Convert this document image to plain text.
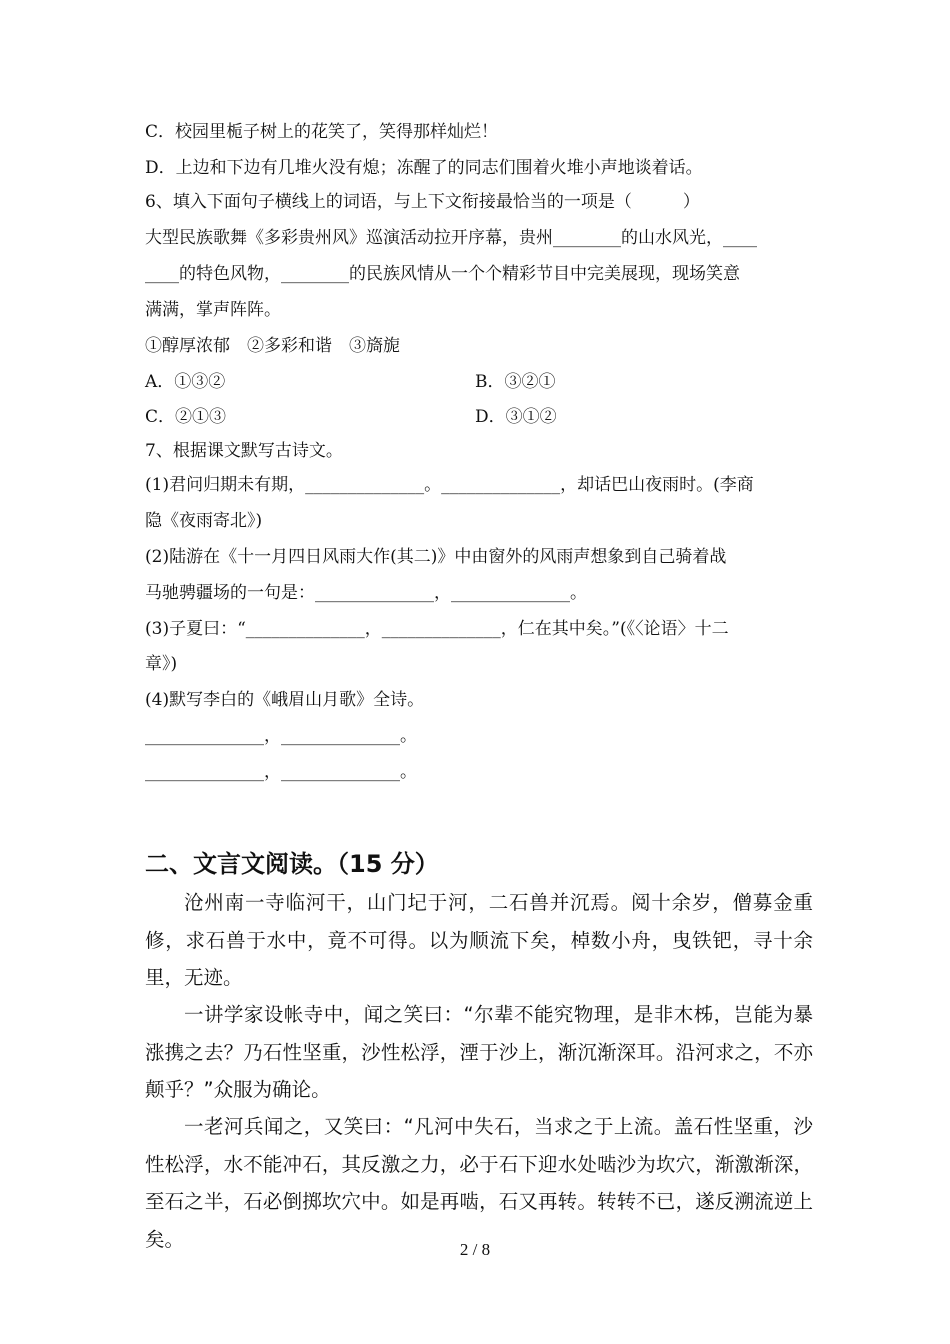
C．校园里栀子树上的花笑了，笑得那样灿烂！
D．上边和下边有几堆火没有熄；冻醒了的同志们围着火堆小声地谈着话。
6、填入下面句子横线上的词语，与上下文衔接最恰当的一项是（　　　）
大型民族歌舞《多彩贵州风》巡演活动拉开序幕，贵州________的山水风光，____
____的特色风物，________的民族风情从一个个精彩节目中完美展现，现场笑意
满满，掌声阵阵。
①醇厚浓郁　②多彩和谐　③旖旎
A．①③②	B．③②①
C．②①③	D．③①②
7、根据课文默写古诗文。
(1)君问归期未有期，______________。______________，却话巴山夜雨时。(李商
隐《夜雨寄北》)
(2)陆游在《十一月四日风雨大作(其二)》中由窗外的风雨声想象到自己骑着战
马驰骋疆场的一句是：______________，______________。
(3)子夏曰：“______________，______________，仁在其中矣。”(《〈论语〉十二
章》)
(4)默写李白的《峨眉山月歌》全诗。
______________，______________。
______________，______________。
二、文言文阅读。（15 分）

沧州南一寺临河干，山门圮于河，二石兽并沉焉。阅十余岁，僧募金重修，求石兽于水中，竟不可得。以为顺流下矣，棹数小舟，曳铁钯，寻十余里，无迹。

一讲学家设帐寺中，闻之笑曰：“尔辈不能究物理，是非木柹，岂能为暴涨携之去？乃石性坚重，沙性松浮，湮于沙上，渐沉渐深耳。沿河求之，不亦颠乎？”众服为确论。

一老河兵闻之，又笑曰：“凡河中失石，当求之于上流。盖石性坚重，沙性松浮，水不能冲石，其反激之力，必于石下迎水处啮沙为坎穴，渐激渐深，至石之半，石必倒掷坎穴中。如是再啮，石又再转。转转不已，遂反溯流逆上矣。	2 / 8
